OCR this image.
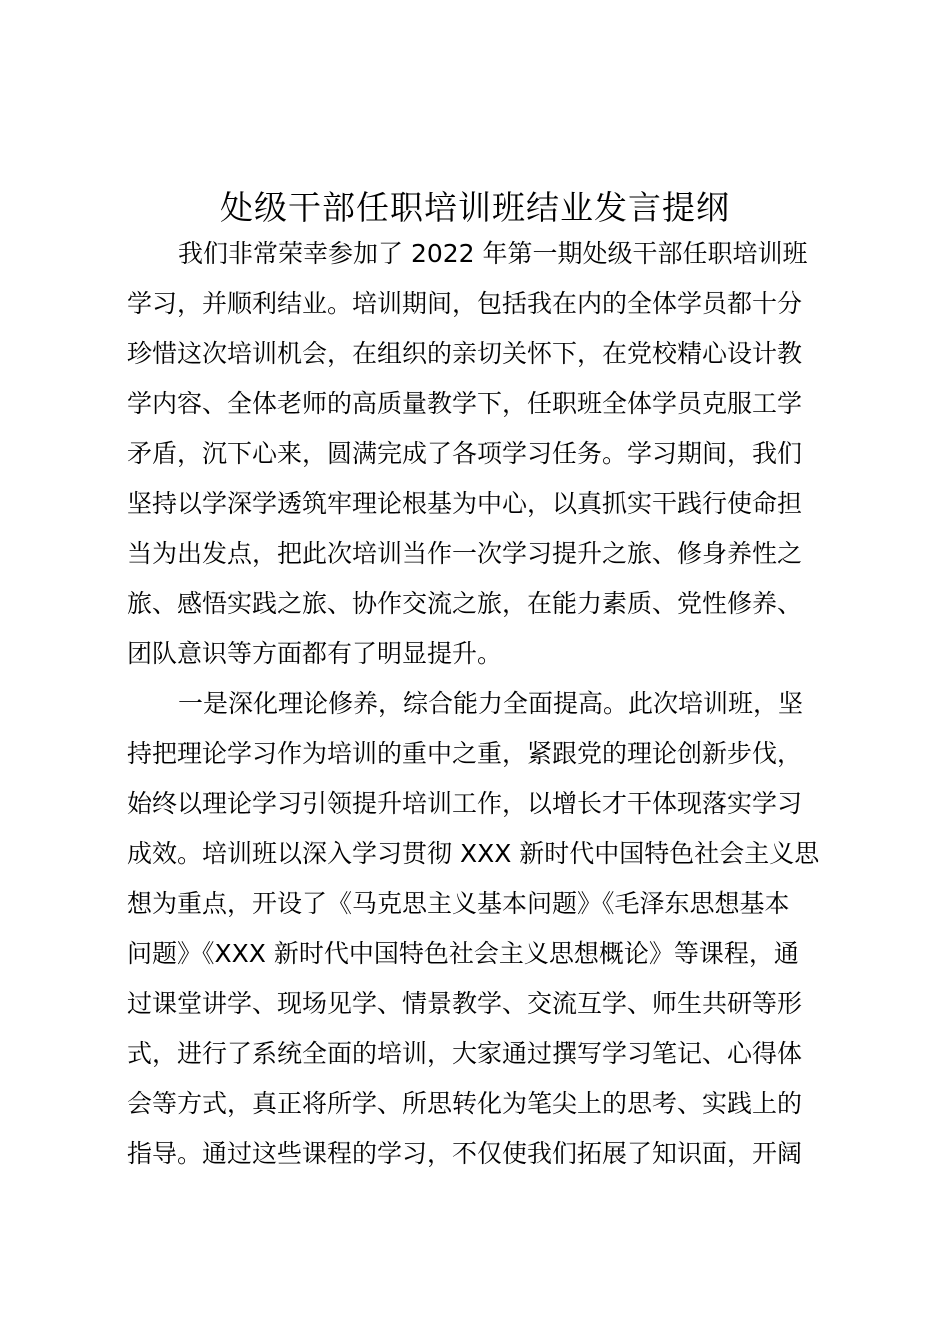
处级干部任职培训班结业发言提纲
我们非常荣幸参加了 2022 年第一期处级干部任职培训班
学习，并顺利结业。培训期间，包括我在内的全体学员都十分
珍惜这次培训机会，在组织的亲切关怀下，在党校精心设计教
学内容、全体老师的高质量教学下，任职班全体学员克服工学
矛盾，沉下心来，圆满完成了各项学习任务。学习期间，我们
坚持以学深学透筑牢理论根基为中心，以真抓实干践行使命担
当为出发点，把此次培训当作一次学习提升之旅、修身养性之
旅、感悟实践之旅、协作交流之旅，在能力素质、党性修养、
团队意识等方面都有了明显提升。
一是深化理论修养，综合能力全面提高。此次培训班，坚
持把理论学习作为培训的重中之重，紧跟党的理论创新步伐，
始终以理论学习引领提升培训工作，以增长才干体现落实学习
成效。培训班以深入学习贯彻 XXX 新时代中国特色社会主义思
想为重点，开设了《马克思主义基本问题》《毛泽东思想基本
问题》《XXX 新时代中国特色社会主义思想概论》等课程，通
过课堂讲学、现场见学、情景教学、交流互学、师生共研等形
式，进行了系统全面的培训，大家通过撰写学习笔记、心得体
会等方式，真正将所学、所思转化为笔尖上的思考、实践上的
指导。通过这些课程的学习，不仅使我们拓展了知识面，开阔
